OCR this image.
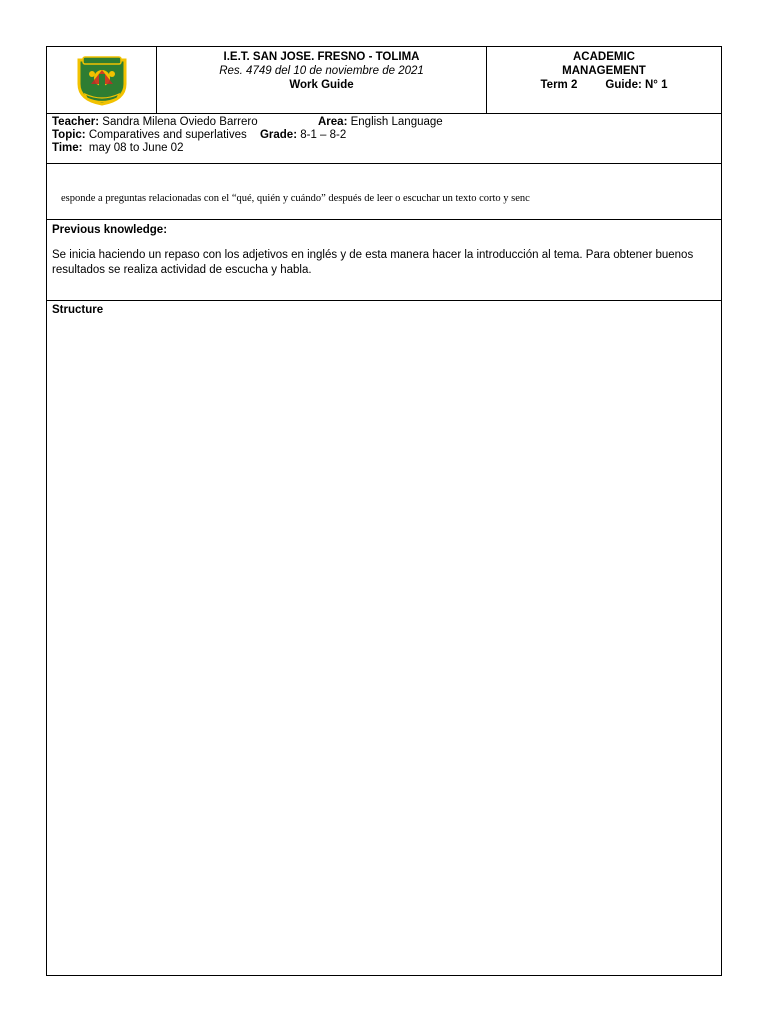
I.E.T. SAN JOSE. FRESNO - TOLIMA
Res. 4749 del 10 de noviembre de 2021
Work Guide
ACADEMIC
MANAGEMENT
Term 2 Guide: N° 1
Teacher: Sandra Milena Oviedo Barrero	Area: English Language
Topic: Comparatives and superlatives Grade: 8-1 – 8-2
Time:  may 08 to June 02
esponde a preguntas relacionadas con el “qué, quién y cuándo” después de leer o escuchar un texto corto y senc
Previous knowledge:
Se inicia haciendo un repaso con los adjetivos en inglés y de esta manera hacer la introducción al tema. Para obtener buenos resultados se realiza actividad de escucha y habla.
Structure
